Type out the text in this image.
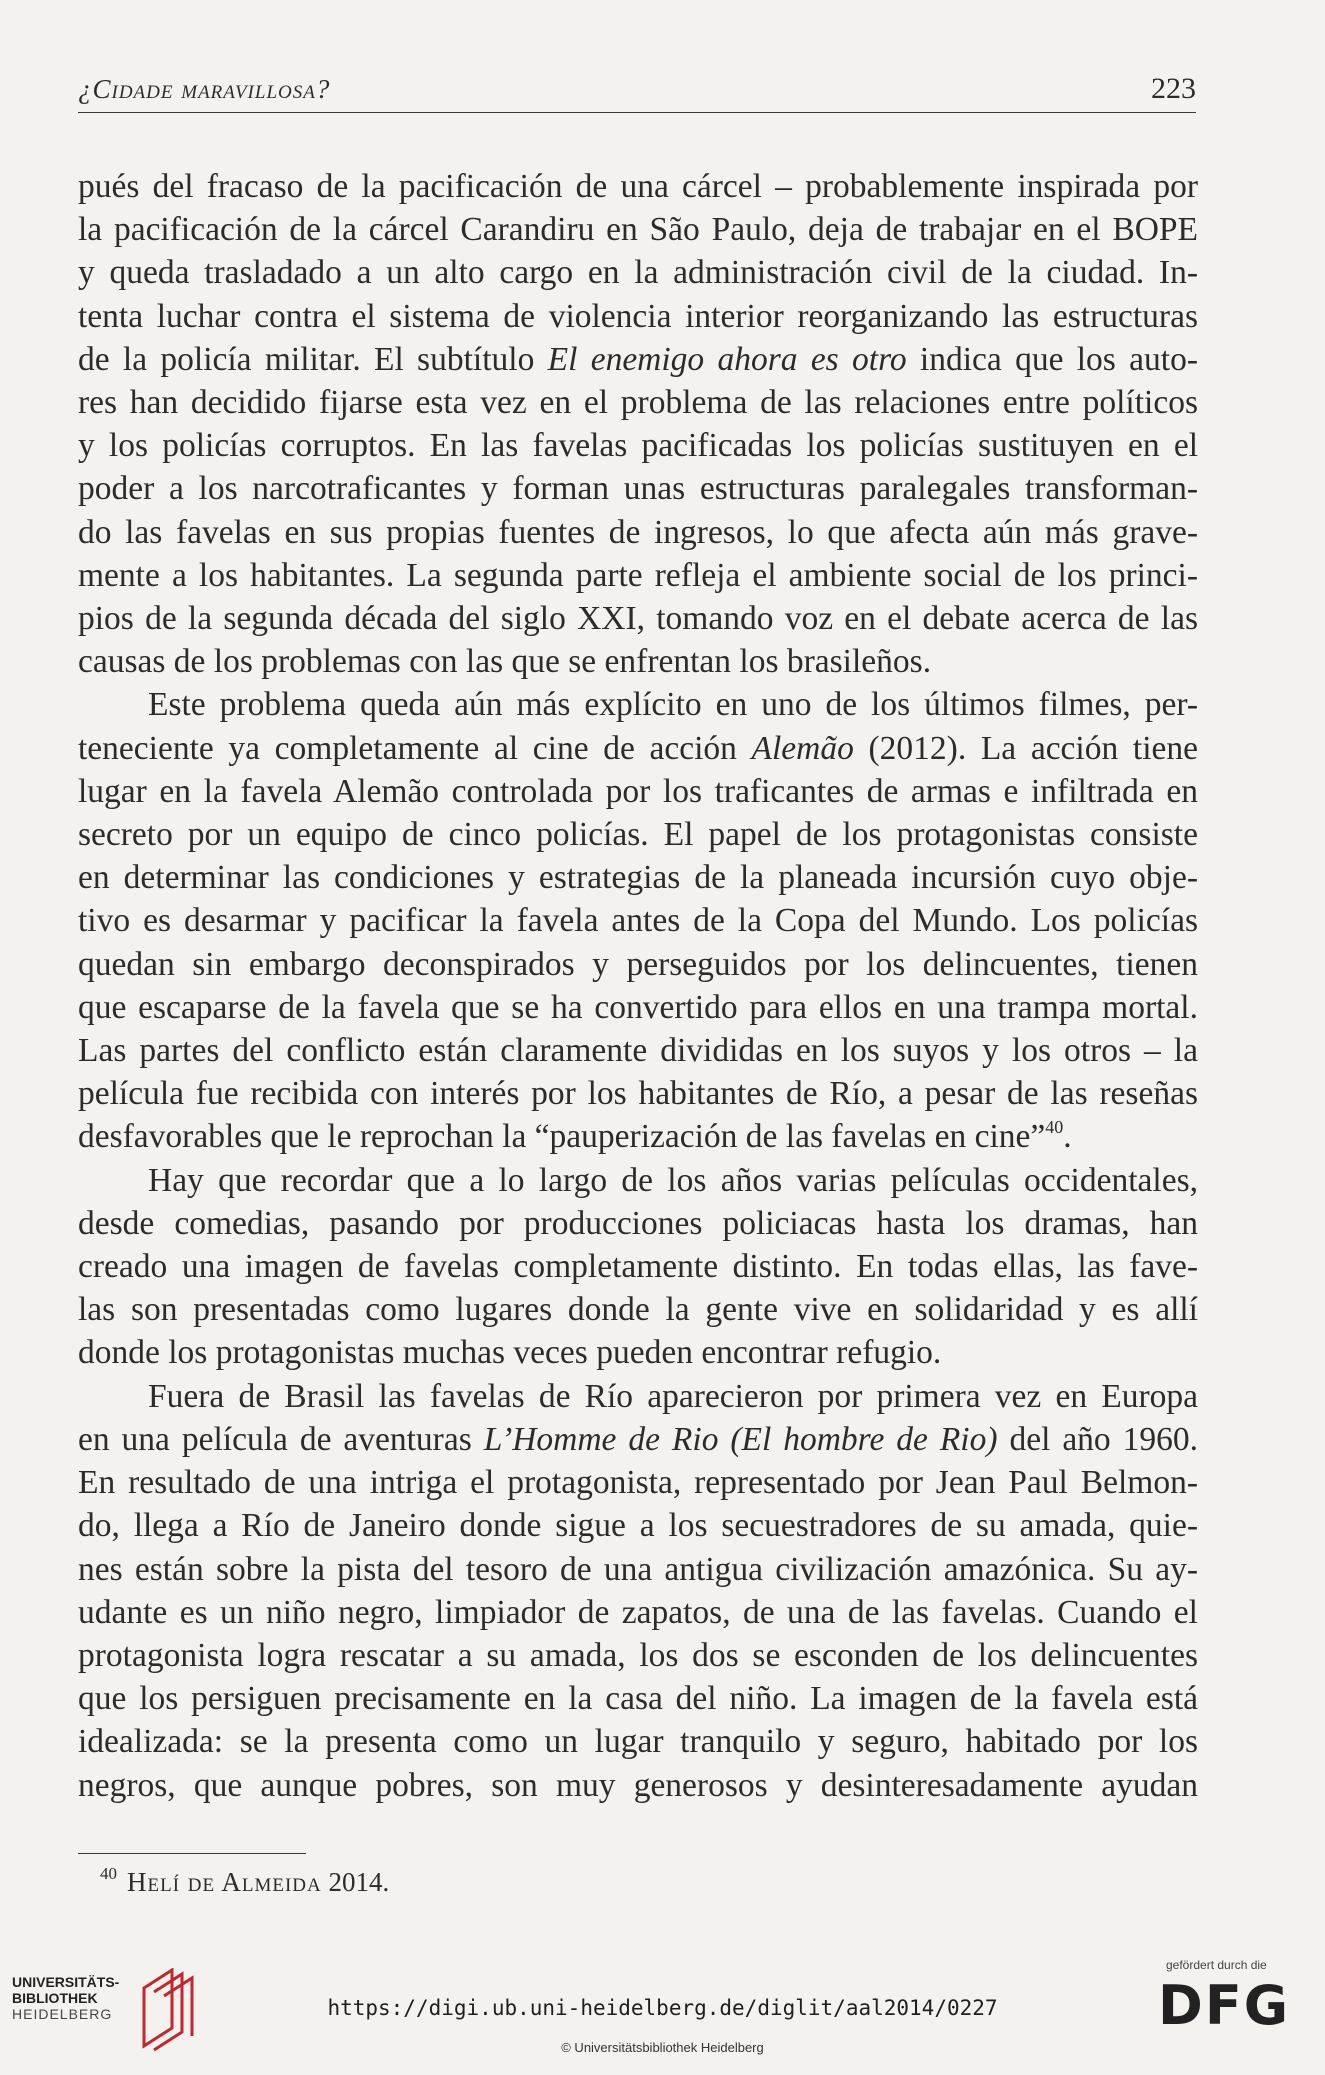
¿Cidade maravillosa?	223
pués del fracaso de la pacificación de una cárcel – probablemente inspirada por
la pacificación de la cárcel Carandiru en São Paulo, deja de trabajar en el BOPE
y queda trasladado a un alto cargo en la administración civil de la ciudad. In-
tenta luchar contra el sistema de violencia interior reorganizando las estructuras
de la policía militar. El subtítulo El enemigo ahora es otro indica que los auto-
res han decidido fijarse esta vez en el problema de las relaciones entre políticos
y los policías corruptos. En las favelas pacificadas los policías sustituyen en el
poder a los narcotraficantes y forman unas estructuras paralegales transforman-
do las favelas en sus propias fuentes de ingresos, lo que afecta aún más grave-
mente a los habitantes. La segunda parte refleja el ambiente social de los princi-
pios de la segunda década del siglo XXI, tomando voz en el debate acerca de las
causas de los problemas con las que se enfrentan los brasileños.
Este problema queda aún más explícito en uno de los últimos filmes, per-
teneciente ya completamente al cine de acción Alemão (2012). La acción tiene
lugar en la favela Alemão controlada por los traficantes de armas e infiltrada en
secreto por un equipo de cinco policías. El papel de los protagonistas consiste
en determinar las condiciones y estrategias de la planeada incursión cuyo obje-
tivo es desarmar y pacificar la favela antes de la Copa del Mundo. Los policías
quedan sin embargo deconspirados y perseguidos por los delincuentes, tienen
que escaparse de la favela que se ha convertido para ellos en una trampa mortal.
Las partes del conflicto están claramente divididas en los suyos y los otros – la
película fue recibida con interés por los habitantes de Río, a pesar de las reseñas
desfavorables que le reprochan la “pauperización de las favelas en cine”$^{40}$.
Hay que recordar que a lo largo de los años varias películas occidentales,
desde comedias, pasando por producciones policiacas hasta los dramas, han
creado una imagen de favelas completamente distinto. En todas ellas, las fave-
las son presentadas como lugares donde la gente vive en solidaridad y es allí
donde los protagonistas muchas veces pueden encontrar refugio.
Fuera de Brasil las favelas de Río aparecieron por primera vez en Europa
en una película de aventuras L’Homme de Rio (El hombre de Rio) del año 1960.
En resultado de una intriga el protagonista, representado por Jean Paul Belmon-
do, llega a Río de Janeiro donde sigue a los secuestradores de su amada, quie-
nes están sobre la pista del tesoro de una antigua civilización amazónica. Su ay-
udante es un niño negro, limpiador de zapatos, de una de las favelas. Cuando el
protagonista logra rescatar a su amada, los dos se esconden de los delincuentes
que los persiguen precisamente en la casa del niño. La imagen de la favela está
idealizada: se la presenta como un lugar tranquilo y seguro, habitado por los
negros, que aunque pobres, son muy generosos y desinteresadamente ayudan
$^{40}$ Helí de Almeida 2014.
UNIVERSITÄTS-
BIBLIOTHEK
HEIDELBERG	https://digi.ub.uni-heidelberg.de/diglit/aal2014/0227
© Universitätsbibliothek Heidelberg
gefördert durch die
DFG
